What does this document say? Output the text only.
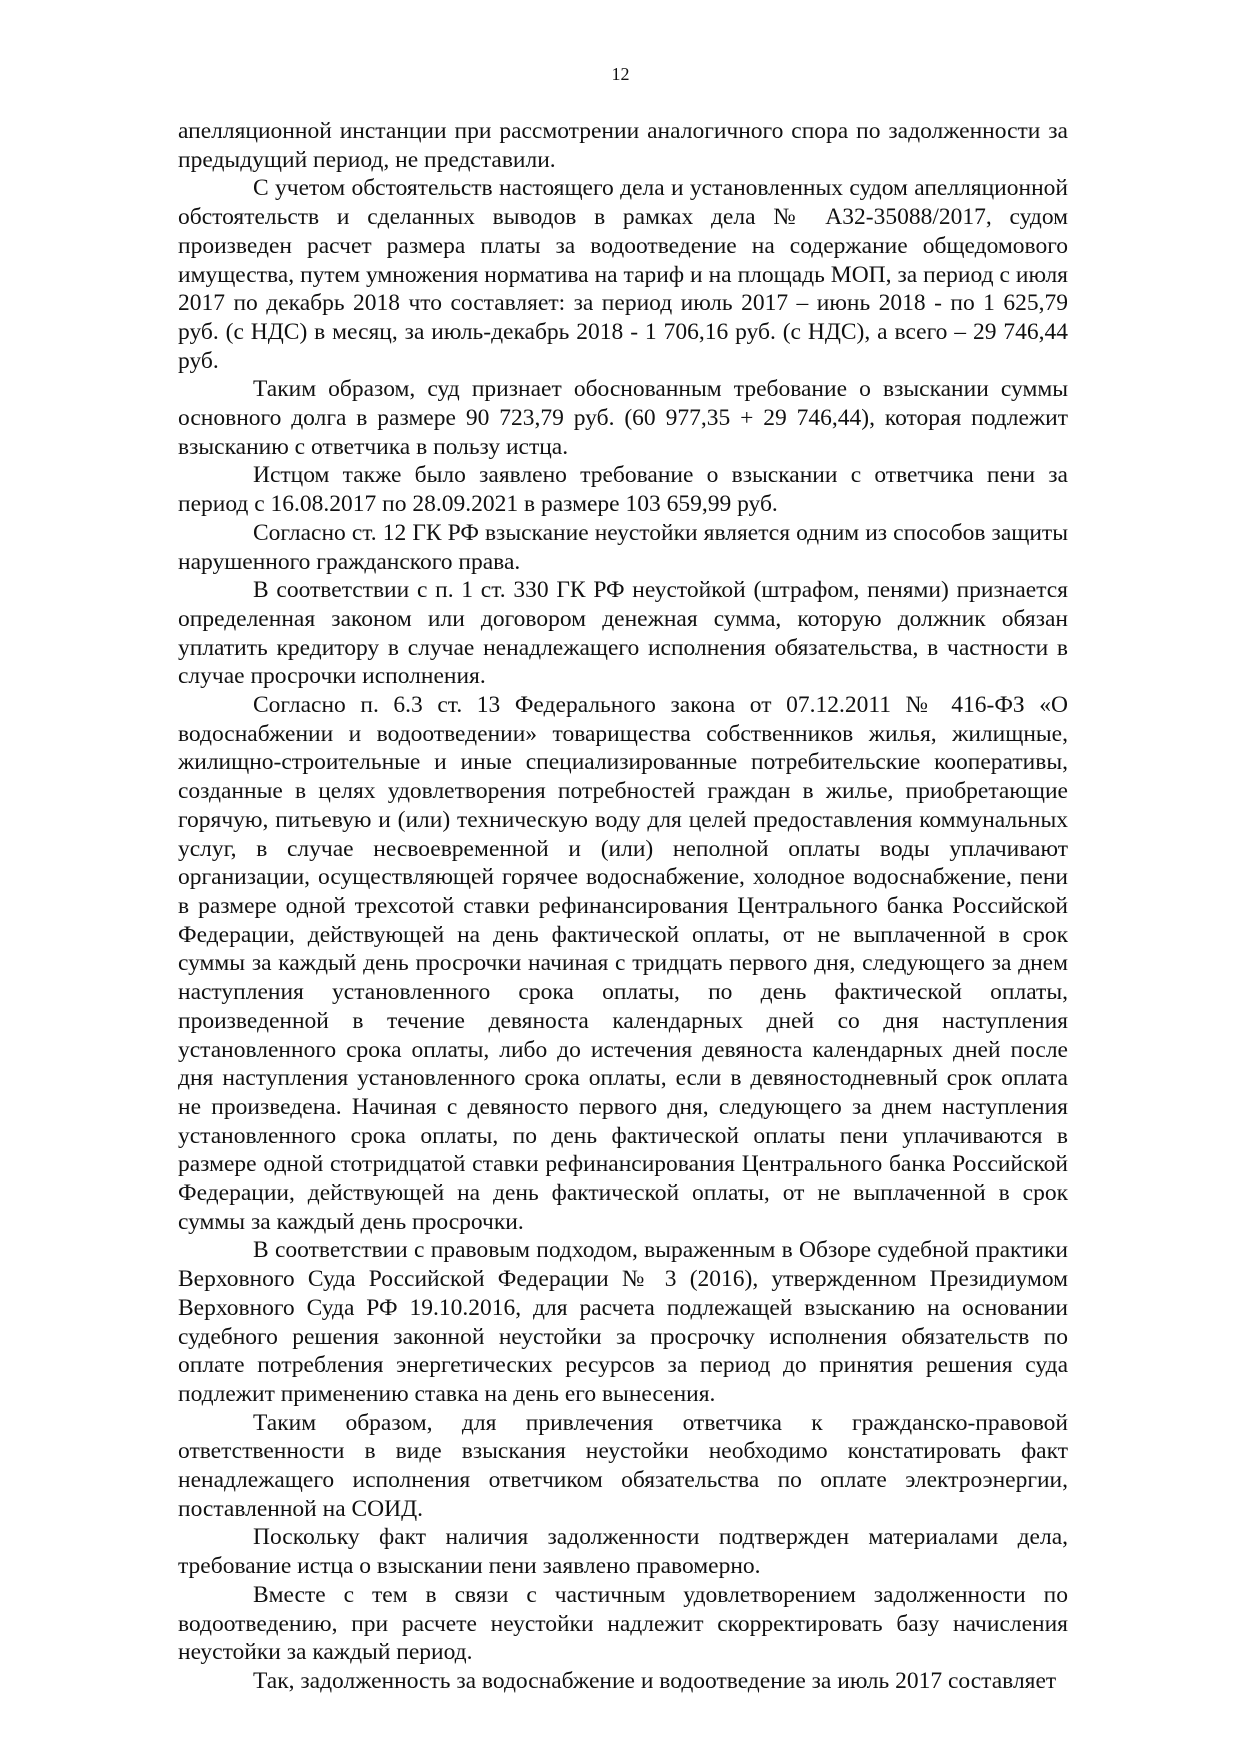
12

апелляционной инстанции при рассмотрении аналогичного спора по задолженности за предыдущий период, не представили.

С учетом обстоятельств настоящего дела и установленных судом апелляционной обстоятельств и сделанных выводов в рамках дела № А32-35088/2017, судом произведен расчет размера платы за водоотведение на содержание общедомового имущества, путем умножения норматива на тариф и на площадь МОП, за период с июля 2017 по декабрь 2018 что составляет: за период июль 2017 – июнь 2018 - по 1 625,79 руб. (с НДС) в месяц, за июль-декабрь 2018 - 1 706,16 руб. (с НДС), а всего – 29 746,44 руб.

Таким образом, суд признает обоснованным требование о взыскании суммы основного долга в размере 90 723,79 руб. (60 977,35 + 29 746,44), которая подлежит взысканию с ответчика в пользу истца.

Истцом также было заявлено требование о взыскании с ответчика пени за период с 16.08.2017 по 28.09.2021 в размере 103 659,99 руб.

Согласно ст. 12 ГК РФ взыскание неустойки является одним из способов защиты нарушенного гражданского права.

В соответствии с п. 1 ст. 330 ГК РФ неустойкой (штрафом, пенями) признается определенная законом или договором денежная сумма, которую должник обязан уплатить кредитору в случае ненадлежащего исполнения обязательства, в частности в случае просрочки исполнения.

Согласно п. 6.3 ст. 13 Федерального закона от 07.12.2011 № 416-ФЗ «О водоснабжении и водоотведении» товарищества собственников жилья, жилищные, жилищно-строительные и иные специализированные потребительские кооперативы, созданные в целях удовлетворения потребностей граждан в жилье, приобретающие горячую, питьевую и (или) техническую воду для целей предоставления коммунальных услуг, в случае несвоевременной и (или) неполной оплаты воды уплачивают организации, осуществляющей горячее водоснабжение, холодное водоснабжение, пени в размере одной трехсотой ставки рефинансирования Центрального банка Российской Федерации, действующей на день фактической оплаты, от не выплаченной в срок суммы за каждый день просрочки начиная с тридцать первого дня, следующего за днем наступления установленного срока оплаты, по день фактической оплаты, произведенной в течение девяноста календарных дней со дня наступления установленного срока оплаты, либо до истечения девяноста календарных дней после дня наступления установленного срока оплаты, если в девяностодневный срок оплата не произведена. Начиная с девяносто первого дня, следующего за днем наступления установленного срока оплаты, по день фактической оплаты пени уплачиваются в размере одной стотридцатой ставки рефинансирования Центрального банка Российской Федерации, действующей на день фактической оплаты, от не выплаченной в срок суммы за каждый день просрочки.

В соответствии с правовым подходом, выраженным в Обзоре судебной практики Верховного Суда Российской Федерации № 3 (2016), утвержденном Президиумом Верховного Суда РФ 19.10.2016, для расчета подлежащей взысканию на основании судебного решения законной неустойки за просрочку исполнения обязательств по оплате потребления энергетических ресурсов за период до принятия решения суда подлежит применению ставка на день его вынесения.

Таким образом, для привлечения ответчика к гражданско-правовой ответственности в виде взыскания неустойки необходимо констатировать факт ненадлежащего исполнения ответчиком обязательства по оплате электроэнергии, поставленной на СОИД.

Поскольку факт наличия задолженности подтвержден материалами дела, требование истца о взыскании пени заявлено правомерно.

Вместе с тем в связи с частичным удовлетворением задолженности по водоотведению, при расчете неустойки надлежит скорректировать базу начисления неустойки за каждый период.

Так, задолженность за водоснабжение и водоотведение за июль 2017 составляет
